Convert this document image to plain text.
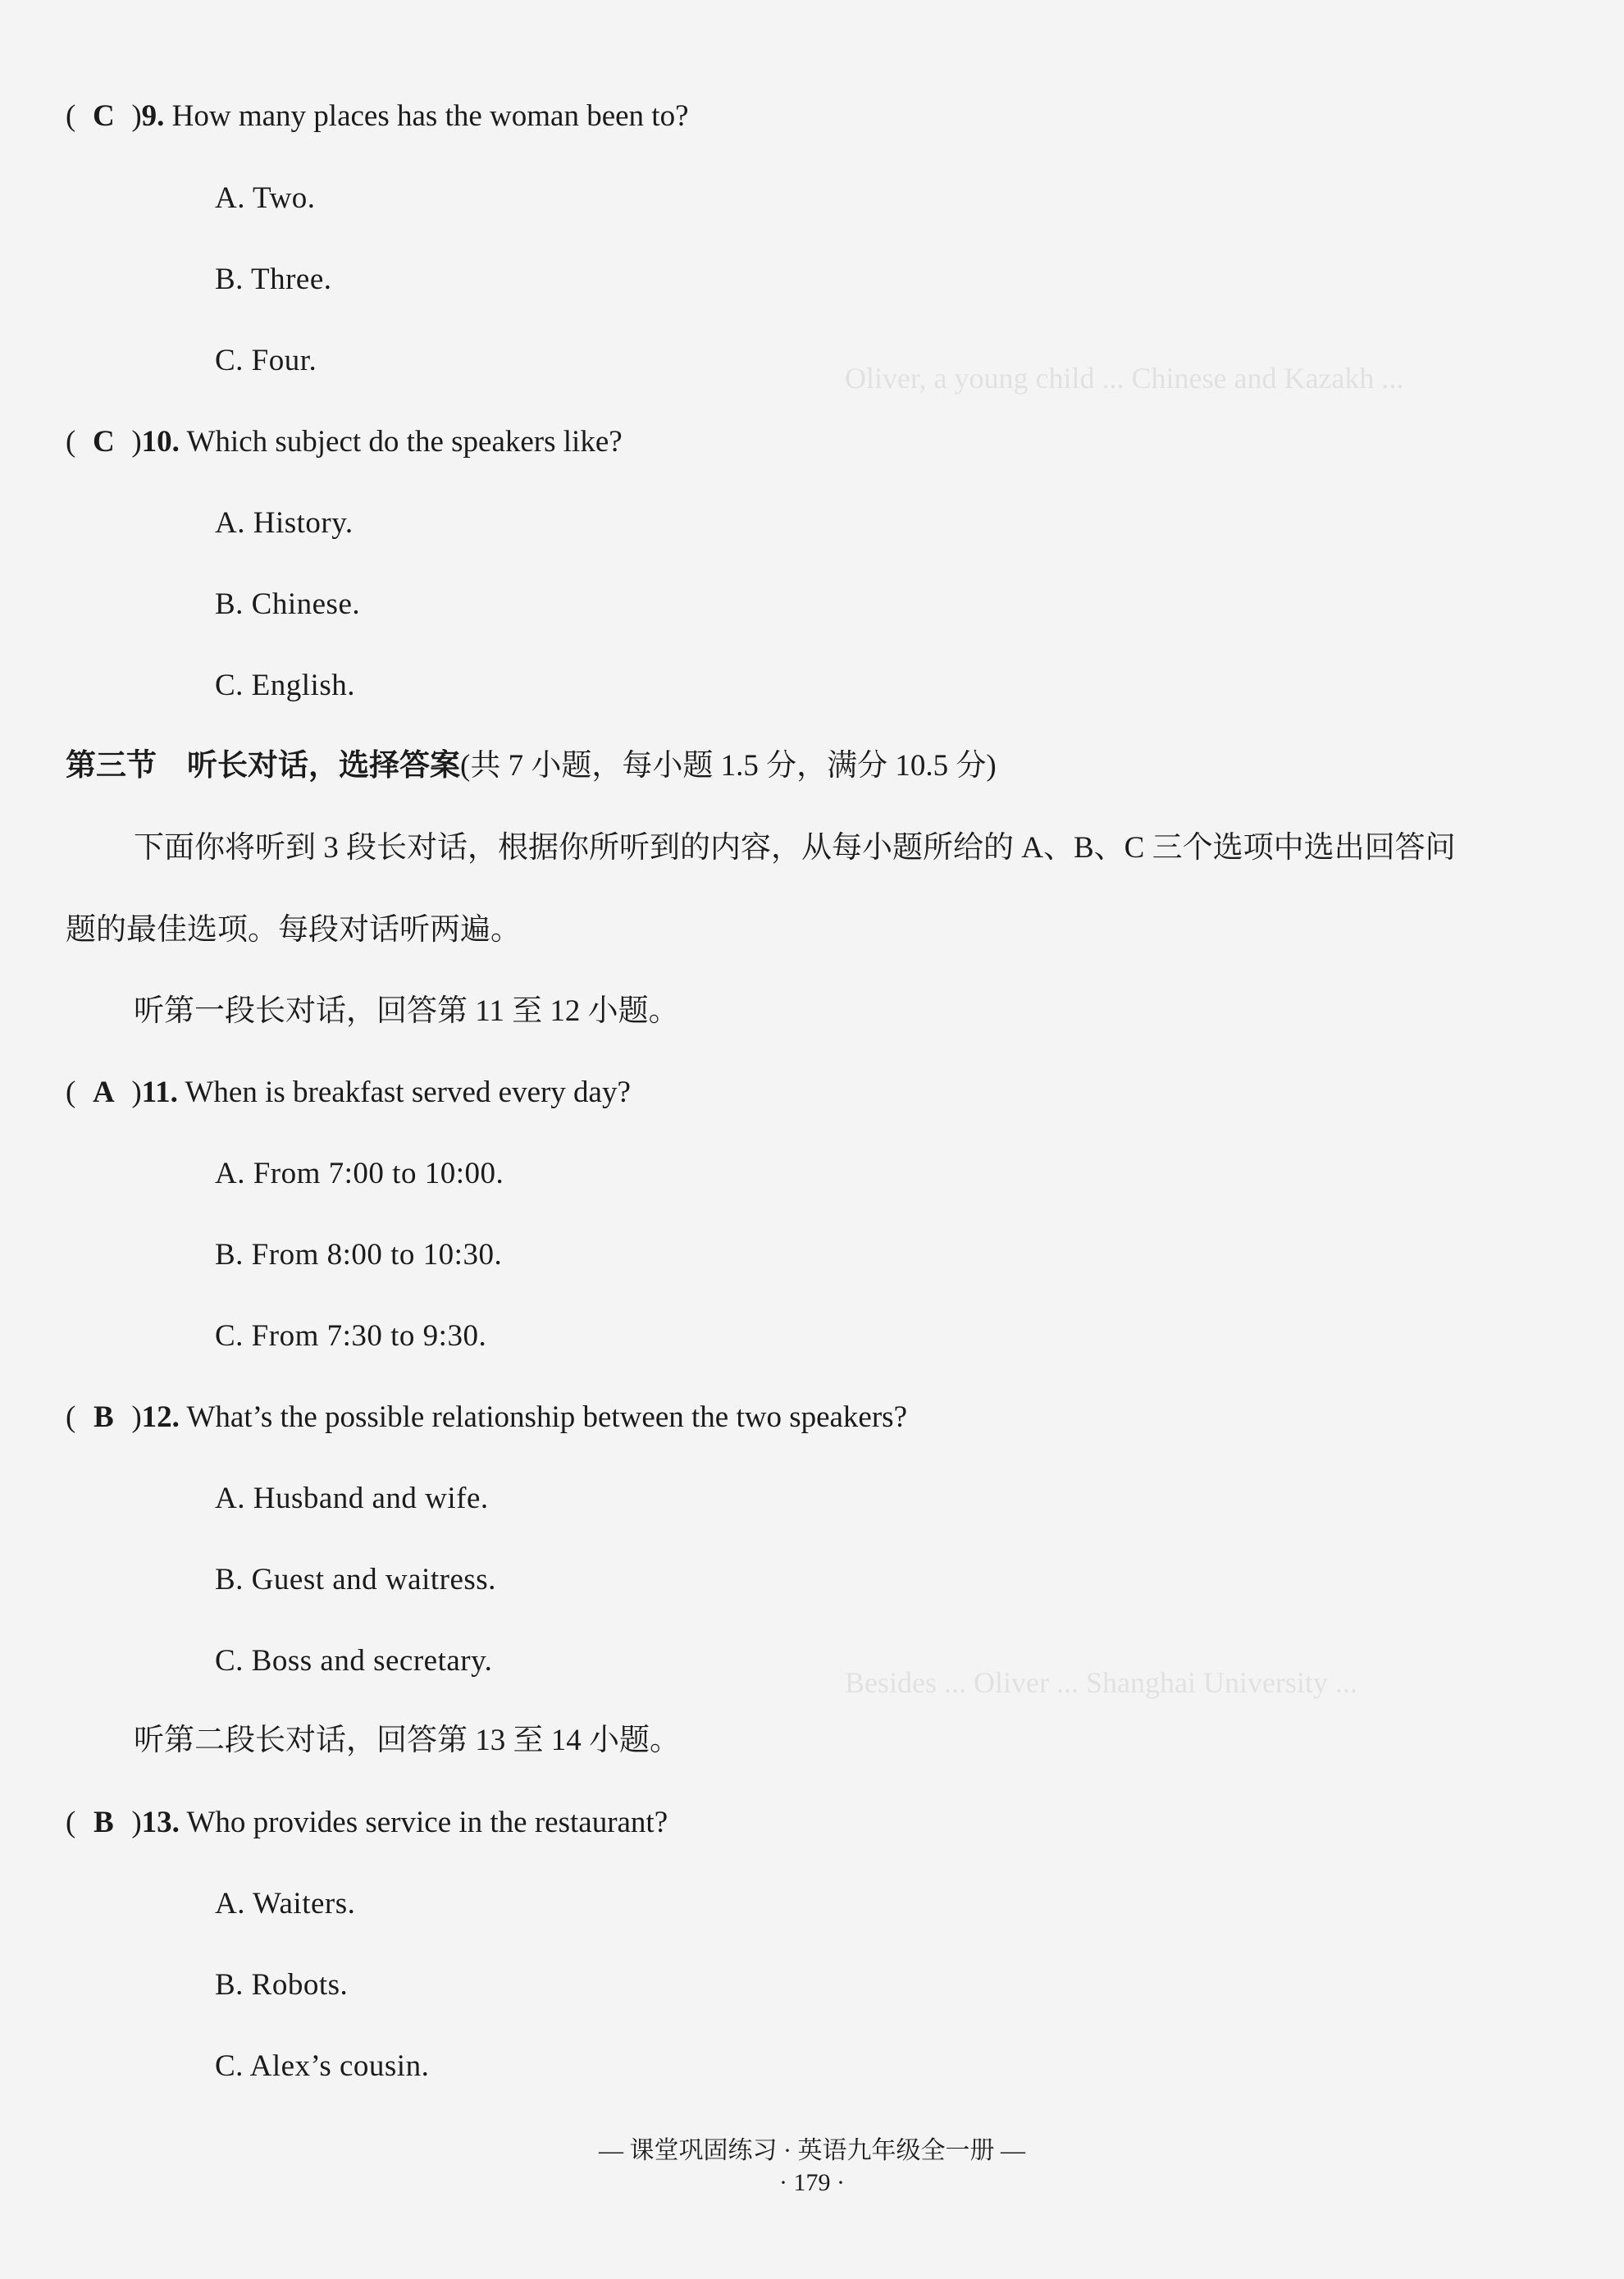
Oliver, a young child ... Chinese and Kazakh ...
Besides ... Oliver ... Shanghai University ...
( C )9. How many places has the woman been to?
A. Two.
B. Three.
C. Four.
( C )10. Which subject do the speakers like?
A. History.
B. Chinese.
C. English.
第三节　听长对话，选择答案(共 7 小题，每小题 1.5 分，满分 10.5 分)
下面你将听到 3 段长对话，根据你所听到的内容，从每小题所给的 A、B、C 三个选项中选出回答问
题的最佳选项。每段对话听两遍。
听第一段长对话，回答第 11 至 12 小题。
( A )11. When is breakfast served every day?
A. From 7:00 to 10:00.
B. From 8:00 to 10:30.
C. From 7:30 to 9:30.
( B )12. What’s the possible relationship between the two speakers?
A. Husband and wife.
B. Guest and waitress.
C. Boss and secretary.
听第二段长对话，回答第 13 至 14 小题。
( B )13. Who provides service in the restaurant?
A. Waiters.
B. Robots.
C. Alex’s cousin.
— 课堂巩固练习 · 英语九年级全一册 —
· 179 ·
